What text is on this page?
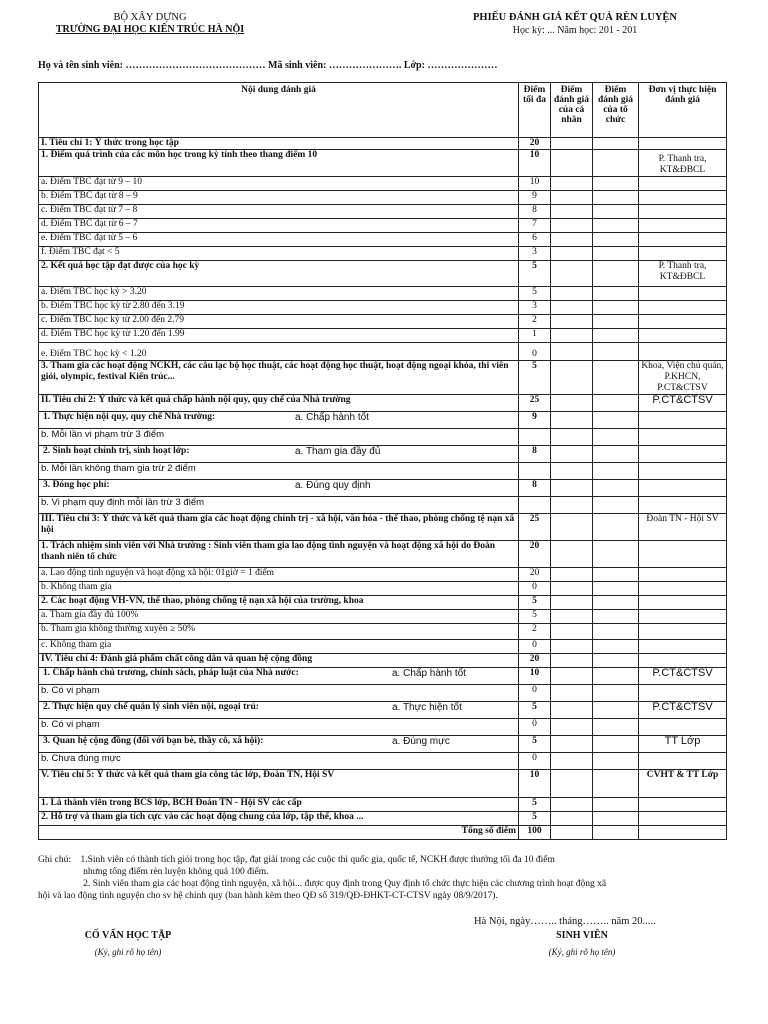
BỘ XÂY DỰNG
TRƯỜNG ĐẠI HỌC KIẾN TRÚC HÀ NỘI
PHIẾU ĐÁNH GIÁ KẾT QUẢ RÈN LUYỆN
Học kỳ: ... Năm học: 201 - 201
Họ và tên sinh viên: …………………………………… Mã sinh viên: …………………. Lớp: …………………
Nội dung đánh giá	Điểm tối đa	Điểm đánh giá của cá nhân	Điểm đánh giá của tổ chức	Đơn vị thực hiện đánh giá
I. Tiêu chí 1: Ý thức trong học tập	20			
1. Điểm quá trình của các môn học trong kỳ tính theo thang điểm 10	10			P. Thanh tra, KT&ĐBCL
a. Điểm TBC đạt từ 9 – 10	10			
b. Điểm TBC đạt từ 8 – 9	9			
c. Điểm TBC đạt từ 7 – 8	8			
d. Điểm TBC đạt từ 6 – 7	7			
e. Điểm TBC đạt từ 5 – 6	6			
f. Điểm TBC đạt < 5	3			
2. Kết quả học tập đạt được của học kỳ	5			P. Thanh tra, KT&ĐBCL
a. Điểm TBC học kỳ > 3.20	5			
b. Điểm TBC học kỳ từ 2.80 đến 3.19	3			
c. Điểm TBC học kỳ từ 2.00 đến 2.79	2			
d. Điểm TBC học kỳ từ 1.20 đến 1.99	1			
e. Điểm TBC học kỳ < 1.20	0			
3. Tham gia các hoạt động NCKH, các câu lạc bộ học thuật, các hoạt động học thuật, hoạt động ngoại khóa, thi viên giỏi, olympic, festival Kiến trúc...	5			Khoa, Viện chủ quản, P.KHCN, P.CT&CTSV
II. Tiêu chí 2: Ý thức và kết quả chấp hành nội quy, quy chế của Nhà trường	25			P.CT&CTSV

1. Thực hiện nội quy, quy chế Nhà trường: a. Chấp hành tốt	9			
b. Mỗi lần vi phạm trừ 3 điểm				

2. Sinh hoạt chính trị, sinh hoạt lớp: a. Tham gia đầy đủ	8			
b. Mỗi lần không tham gia trừ 2 điểm				

3. Đóng học phí: a. Đúng quy định	8			
b. Vi phạm quy định mỗi lần trừ 3 điểm				
III. Tiêu chí 3: Ý thức và kết quả tham gia các hoạt động chính trị - xã hội, văn hóa - thể thao, phòng chống tệ nạn xã hội	25			Đoàn TN - Hội SV
1. Trách nhiệm sinh viên với Nhà trường : Sinh viên tham gia lao động tình nguyện và hoạt động xã hội do Đoàn thanh niên tổ chức	20			
a. Lao động tình nguyện và hoạt động xã hội: 01giờ = 1 điểm	20			
b. Không tham gia	0			
2. Các hoạt động VH-VN, thể thao, phòng chống tệ nạn xã hội của trường, khoa	5			
a. Tham gia đầy đủ 100%	5			
b. Tham gia không thường xuyên ≥ 50%	2			
c. Không tham gia	0			
IV. Tiêu chí 4: Đánh giá phẩm chất công dân và quan hệ cộng đồng	20			

1. Chấp hành chủ trương, chính sách, pháp luật của Nhà nước: a. Chấp hành tốt	10			P.CT&CTSV
b. Có vi phạm	0			

2. Thực hiện quy chế quản lý sinh viên nội, ngoại trú: a. Thực hiện tốt	5			P.CT&CTSV
b. Có vi phạm	0			

3. Quan hệ cộng đồng (đối với bạn bè, thầy cô, xã hội): a. Đúng mực	5			TT Lớp
b. Chưa đúng mực	0			
V. Tiêu chí 5: Ý thức và kết quả tham gia công tác lớp, Đoàn TN, Hội SV	10			CVHT & TT Lớp
1. Là thành viên trong BCS lớp, BCH Đoàn TN - Hội SV các cấp	5			
2. Hỗ trợ và tham gia tích cực vào các hoạt động chung của lớp, tập thể, khoa ...	5			
Tổng số điểm	100			
Ghi chú:    1.Sinh viên có thành tích giỏi trong học tập, đạt giải trong các cuộc thi quốc gia, quốc tế, NCKH được thưởng tối đa 10 điểm
nhưng tổng điểm rèn luyện không quá 100 điểm.
2. Sinh viên tham gia các hoạt động tình nguyện, xã hội... được quy định trong Quy định tổ chức thực hiện các chương trình hoạt động xã
hội và lao động tình nguyện cho sv hệ chính quy (ban hành kèm theo QĐ số 319/QĐ-ĐHKT-CT-CTSV ngày 08/9/2017).
Hà Nội, ngày…….. tháng…….. năm 20.....
CỐ VẤN HỌC TẬP
(Ký, ghi rõ họ tên)
SINH VIÊN
(Ký, ghi rõ họ tên)
